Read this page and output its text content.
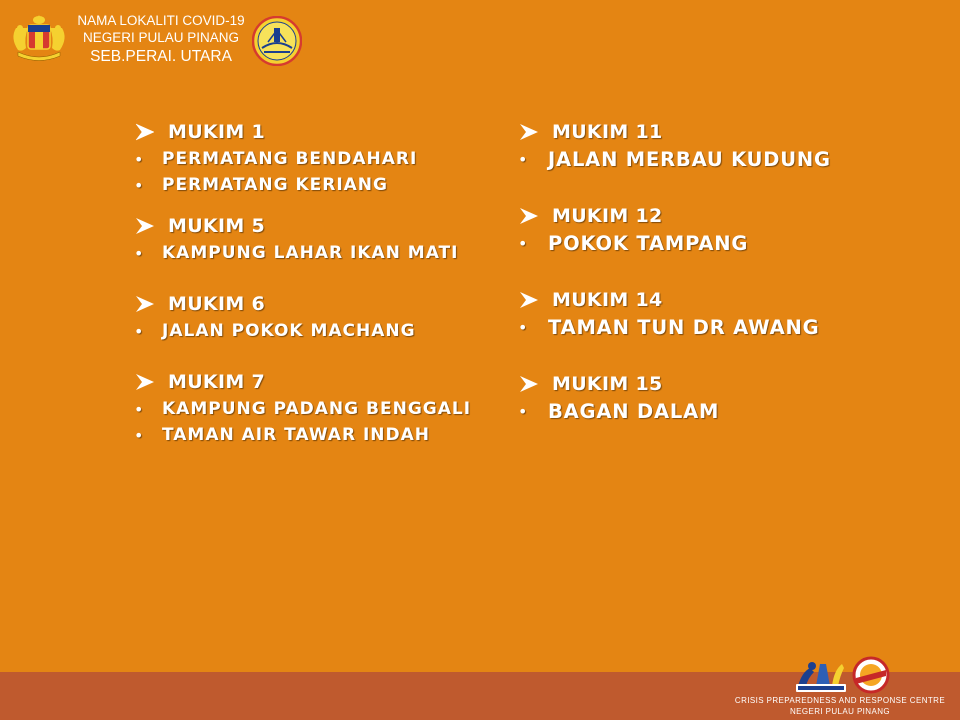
NAMA LOKALITI COVID-19
NEGERI PULAU PINANG
SEB.PERAI. UTARA
MUKIM 1
•	PERMATANG BENDAHARI
•	PERMATANG KERIANG
MUKIM 5
•	KAMPUNG LAHAR IKAN MATI
MUKIM 6
•	JALAN POKOK MACHANG
MUKIM 7
•	KAMPUNG PADANG BENGGALI
•	TAMAN AIR TAWAR INDAH
MUKIM 11
•	JALAN MERBAU KUDUNG
MUKIM 12
•	POKOK TAMPANG
MUKIM 14
•	TAMAN TUN DR AWANG
MUKIM 15
•	BAGAN DALAM
CRISIS PREPAREDNESS AND RESPONSE CENTRE
NEGERI PULAU PINANG
